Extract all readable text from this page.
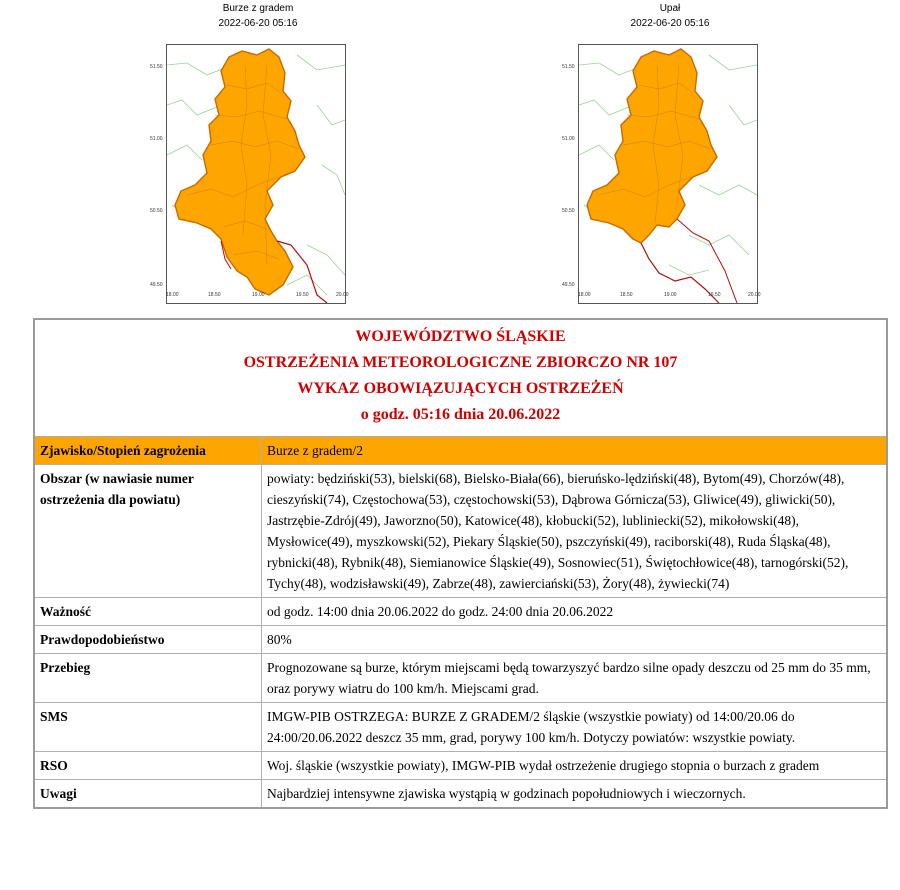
Burze z gradem
2022-06-20 05:16
18.00	18.50	19.00	19.50	20.00
51.50
51.00
50.50
49.50
Upał
2022-06-20 05:16
18.00	18.50	19.00	19.50	20.00
51.50
51.00
50.50
49.50
WOJEWÓDZTWO ŚLĄSKIE
OSTRZEŻENIA METEOROLOGICZNE ZBIORCZO NR 107
WYKAZ OBOWIĄZUJĄCYCH OSTRZEŻEŃ
o godz. 05:16 dnia 20.06.2022	

Zjawisko/Stopień zagrożenia	Burze z gradem/2
Obszar (w nawiasie numer ostrzeżenia dla powiatu)	powiaty: będziński(53), bielski(68), Bielsko-Biała(66), bieruńsko-lędziński(48), Bytom(49), Chorzów(48), cieszyński(74), Częstochowa(53), częstochowski(53), Dąbrowa Górnicza(53), Gliwice(49), gliwicki(50), Jastrzębie-Zdrój(49), Jaworzno(50), Katowice(48), kłobucki(52), lubliniecki(52), mikołowski(48), Mysłowice(49), myszkowski(52), Piekary Śląskie(50), pszczyński(49), raciborski(48), Ruda Śląska(48), rybnicki(48), Rybnik(48), Siemianowice Śląskie(49), Sosnowiec(51), Świętochłowice(48), tarnogórski(52), Tychy(48), wodzisławski(49), Zabrze(48), zawierciański(53), Żory(48), żywiecki(74)
Ważność	od godz. 14:00 dnia 20.06.2022 do godz. 24:00 dnia 20.06.2022
Prawdopodobieństwo	80%
Przebieg	Prognozowane są burze, którym miejscami będą towarzyszyć bardzo silne opady deszczu od 25 mm do 35 mm, oraz porywy wiatru do 100 km/h. Miejscami grad.
SMS	IMGW-PIB OSTRZEGA: BURZE Z GRADEM/2 śląskie (wszystkie powiaty) od 14:00/20.06 do 24:00/20.06.2022 deszcz 35 mm, grad, porywy 100 km/h. Dotyczy powiatów: wszystkie powiaty.
RSO	Woj. śląskie (wszystkie powiaty), IMGW-PIB wydał ostrzeżenie drugiego stopnia o burzach z gradem
Uwagi	Najbardziej intensywne zjawiska wystąpią w godzinach popołudniowych i wieczornych.
